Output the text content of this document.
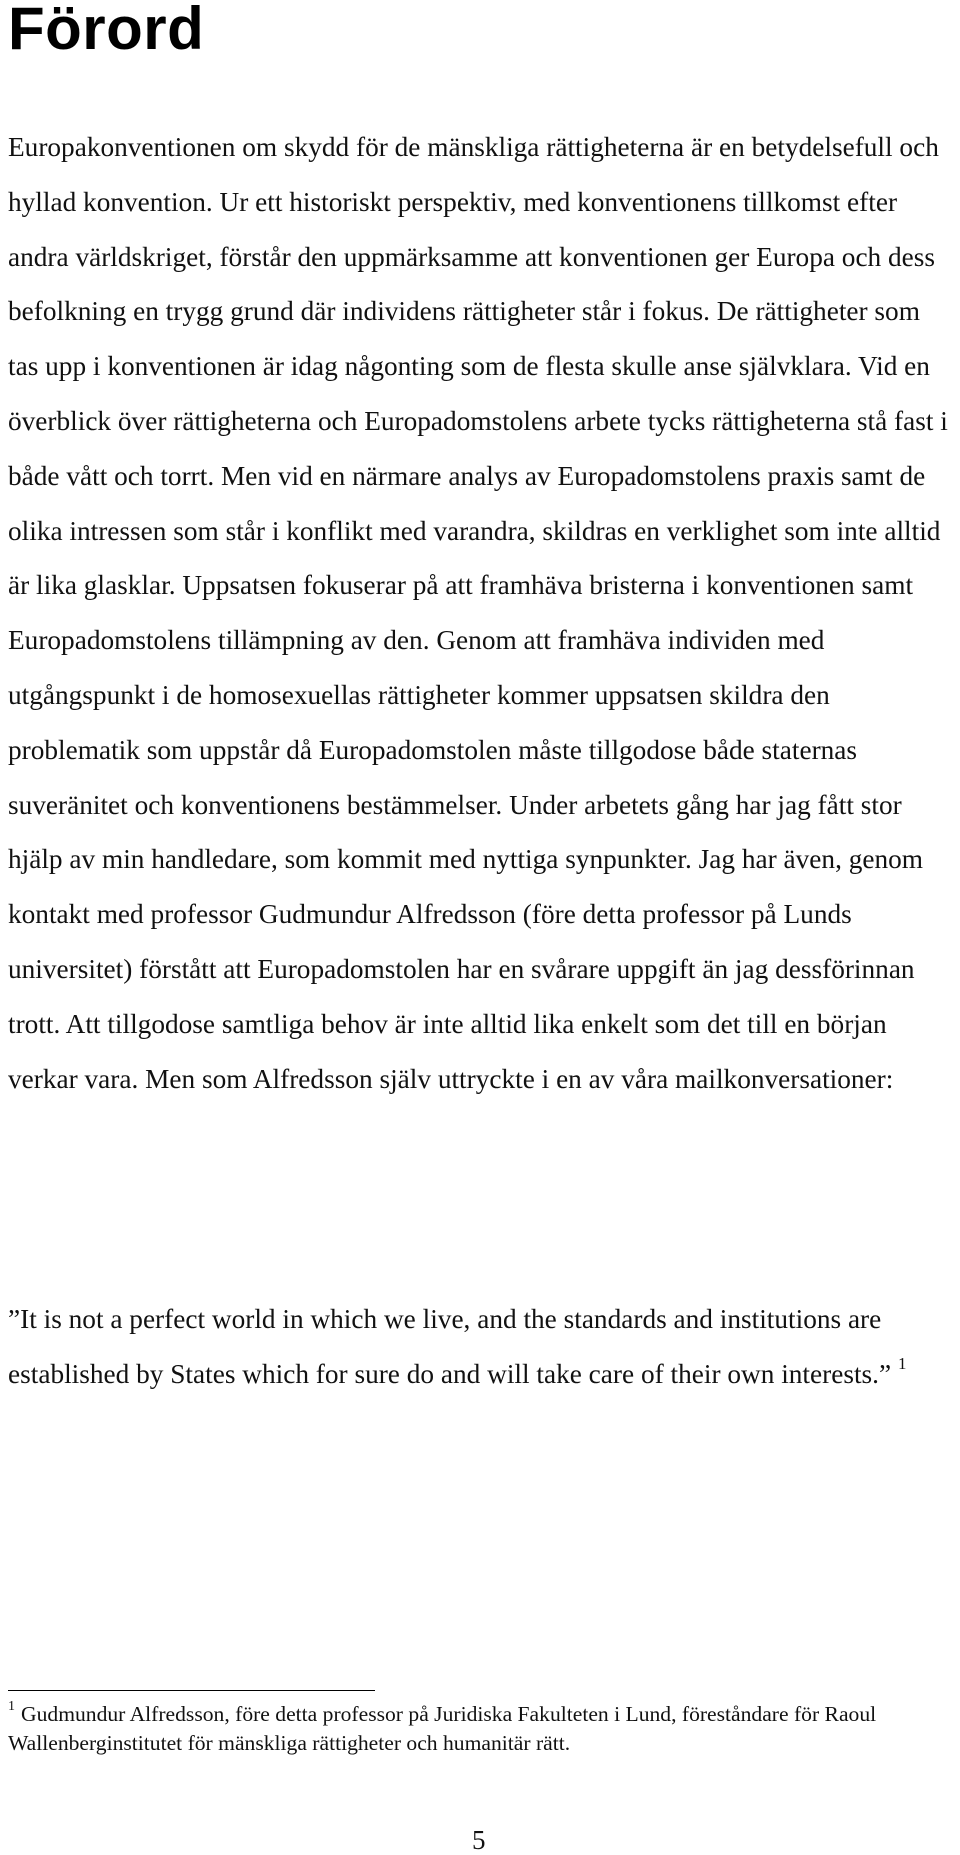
Förord

Europakonventionen om skydd för de mänskliga rättigheterna är en betydelsefull och hyllad konvention. Ur ett historiskt perspektiv, med konventionens tillkomst efter andra världskriget, förstår den uppmärksamme att konventionen ger Europa och dess befolkning en trygg grund där individens rättigheter står i fokus. De rättigheter som tas upp i konventionen är idag någonting som de flesta skulle anse självklara. Vid en överblick över rättigheterna och Europadomstolens arbete tycks rättigheterna stå fast i både vått och torrt. Men vid en närmare analys av Europadomstolens praxis samt de olika intressen som står i konflikt med varandra, skildras en verklighet som inte alltid är lika glasklar. Uppsatsen fokuserar på att framhäva bristerna i konventionen samt Europadomstolens tillämpning av den. Genom att framhäva individen med utgångspunkt i de homosexuellas rättigheter kommer uppsatsen skildra den problematik som uppstår då Europadomstolen måste tillgodose både staternas suveränitet och konventionens bestämmelser. Under arbetets gång har jag fått stor hjälp av min handledare, som kommit med nyttiga synpunkter. Jag har även, genom kontakt med professor Gudmundur Alfredsson (före detta professor på Lunds universitet) förstått att Europadomstolen har en svårare uppgift än jag dessförinnan trott. Att tillgodose samtliga behov är inte alltid lika enkelt som det till en början verkar vara. Men som Alfredsson själv uttryckte i en av våra mailkonversationer:

”It is not a perfect world in which we live, and the standards and institutions are established by States which for sure do and will take care of their own interests.” $^1$

$^1$ Gudmundur Alfredsson, före detta professor på Juridiska Fakulteten i Lund, föreståndare för Raoul Wallenberginstitutet för mänskliga rättigheter och humanitär rätt.

5
